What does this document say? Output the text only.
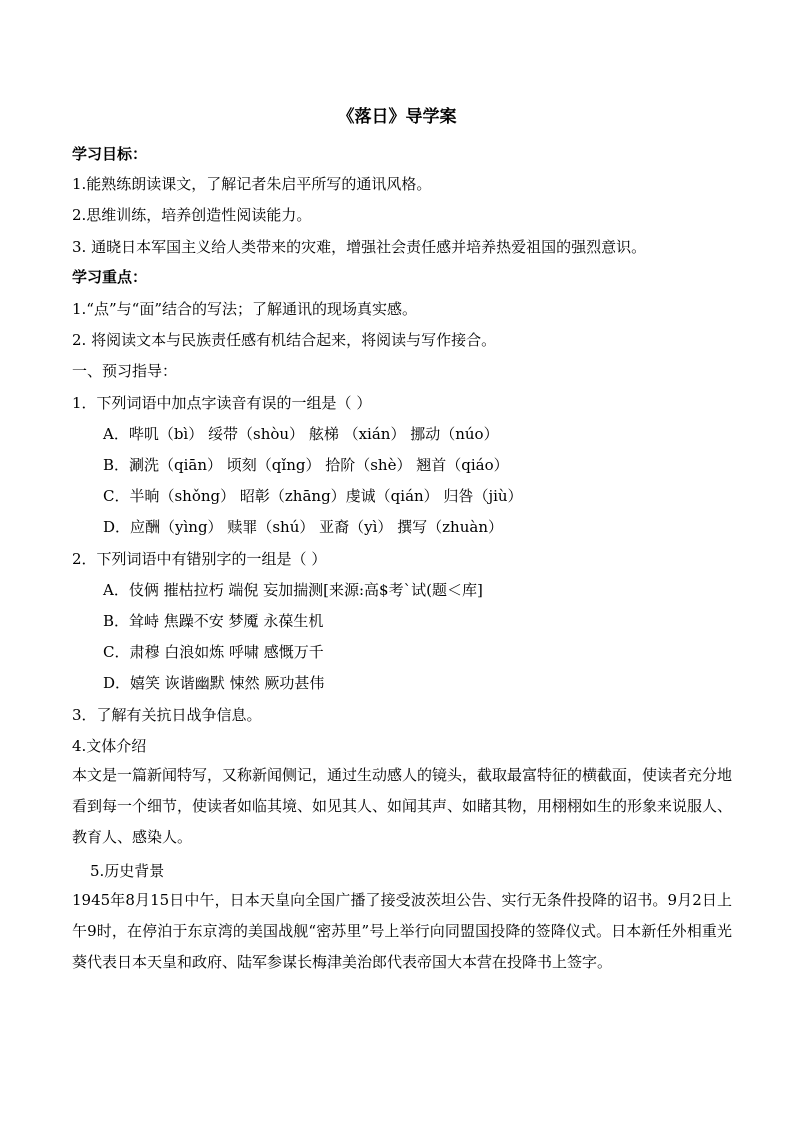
《落日》导学案
学习目标：
1.能熟练朗读课文，了解记者朱启平所写的通讯风格。
2.思维训练，培养创造性阅读能力。
3. 通晓日本军国主义给人类带来的灾难，增强社会责任感并培养热爱祖国的强烈意识。
学习重点：
1.“点”与“面”结合的写法；了解通讯的现场真实感。
2. 将阅读文本与民族责任感有机结合起来，将阅读与写作接合。
一、预习指导：
1．下列词语中加点字读音有误的一组是（ ）
A．哔叽（bì） 绥带（shòu） 舷梯 （xián） 挪动（núo）
B．涮洗（qiān） 顷刻（qǐng） 拾阶（shè） 翘首（qiáo）
C．半晌（shǒng） 昭彰（zhāng）虔诚（qián） 归咎（jiù）
D．应酬（yìng） 赎罪（shú） 亚裔（yì） 撰写（zhuàn）
2．下列词语中有错别字的一组是（ ）
A．伎俩 摧枯拉朽 端倪 妄加揣测[来源:高$考`试(题＜库]
B．耸峙 焦躁不安 梦魇 永葆生机
C．肃穆 白浪如炼 呼啸 感慨万千
D．嬉笑 诙谐幽默 悚然 厥功甚伟
3．了解有关抗日战争信息。
4.文体介绍
本文是一篇新闻特写，又称新闻侧记，通过生动感人的镜头，截取最富特征的横截面，使读者充分地看到每一个细节，使读者如临其境、如见其人、如闻其声、如睹其物，用栩栩如生的形象来说服人、教育人、感染人。
5.历史背景
1945年8月15日中午，日本天皇向全国广播了接受波茨坦公告、实行无条件投降的诏书。9月2日上午9时，在停泊于东京湾的美国战舰“密苏里”号上举行向同盟国投降的签降仪式。日本新任外相重光葵代表日本天皇和政府、陆军参谋长梅津美治郎代表帝国大本营在投降书上签字。
